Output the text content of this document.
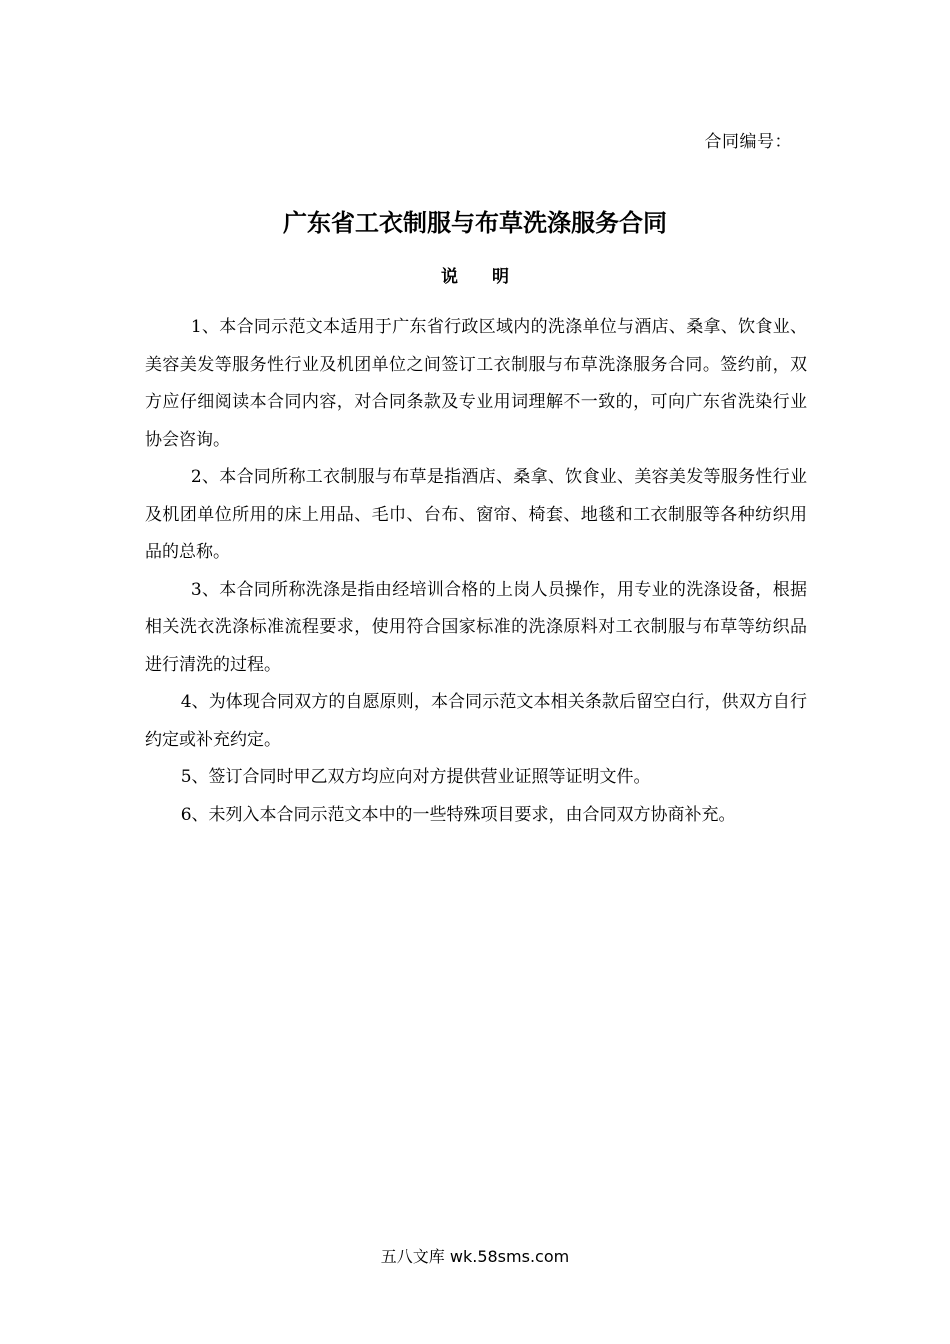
合同编号：
广东省工衣制服与布草洗涤服务合同
说 明

1、本合同示范文本适用于广东省行政区域内的洗涤单位与酒店、桑拿、饮食业、美容美发等服务性行业及机团单位之间签订工衣制服与布草洗涤服务合同。签约前，双方应仔细阅读本合同内容，对合同条款及专业用词理解不一致的，可向广东省洗染行业协会咨询。

2、本合同所称工衣制服与布草是指酒店、桑拿、饮食业、美容美发等服务性行业及机团单位所用的床上用品、毛巾、台布、窗帘、椅套、地毯和工衣制服等各种纺织用品的总称。

3、本合同所称洗涤是指由经培训合格的上岗人员操作，用专业的洗涤设备，根据相关洗衣洗涤标准流程要求，使用符合国家标准的洗涤原料对工衣制服与布草等纺织品进行清洗的过程。

4、为体现合同双方的自愿原则，本合同示范文本相关条款后留空白行，供双方自行约定或补充约定。

5、签订合同时甲乙双方均应向对方提供营业证照等证明文件。

6、未列入本合同示范文本中的一些特殊项目要求，由合同双方协商补充。

五八文库 wk.58sms.com
